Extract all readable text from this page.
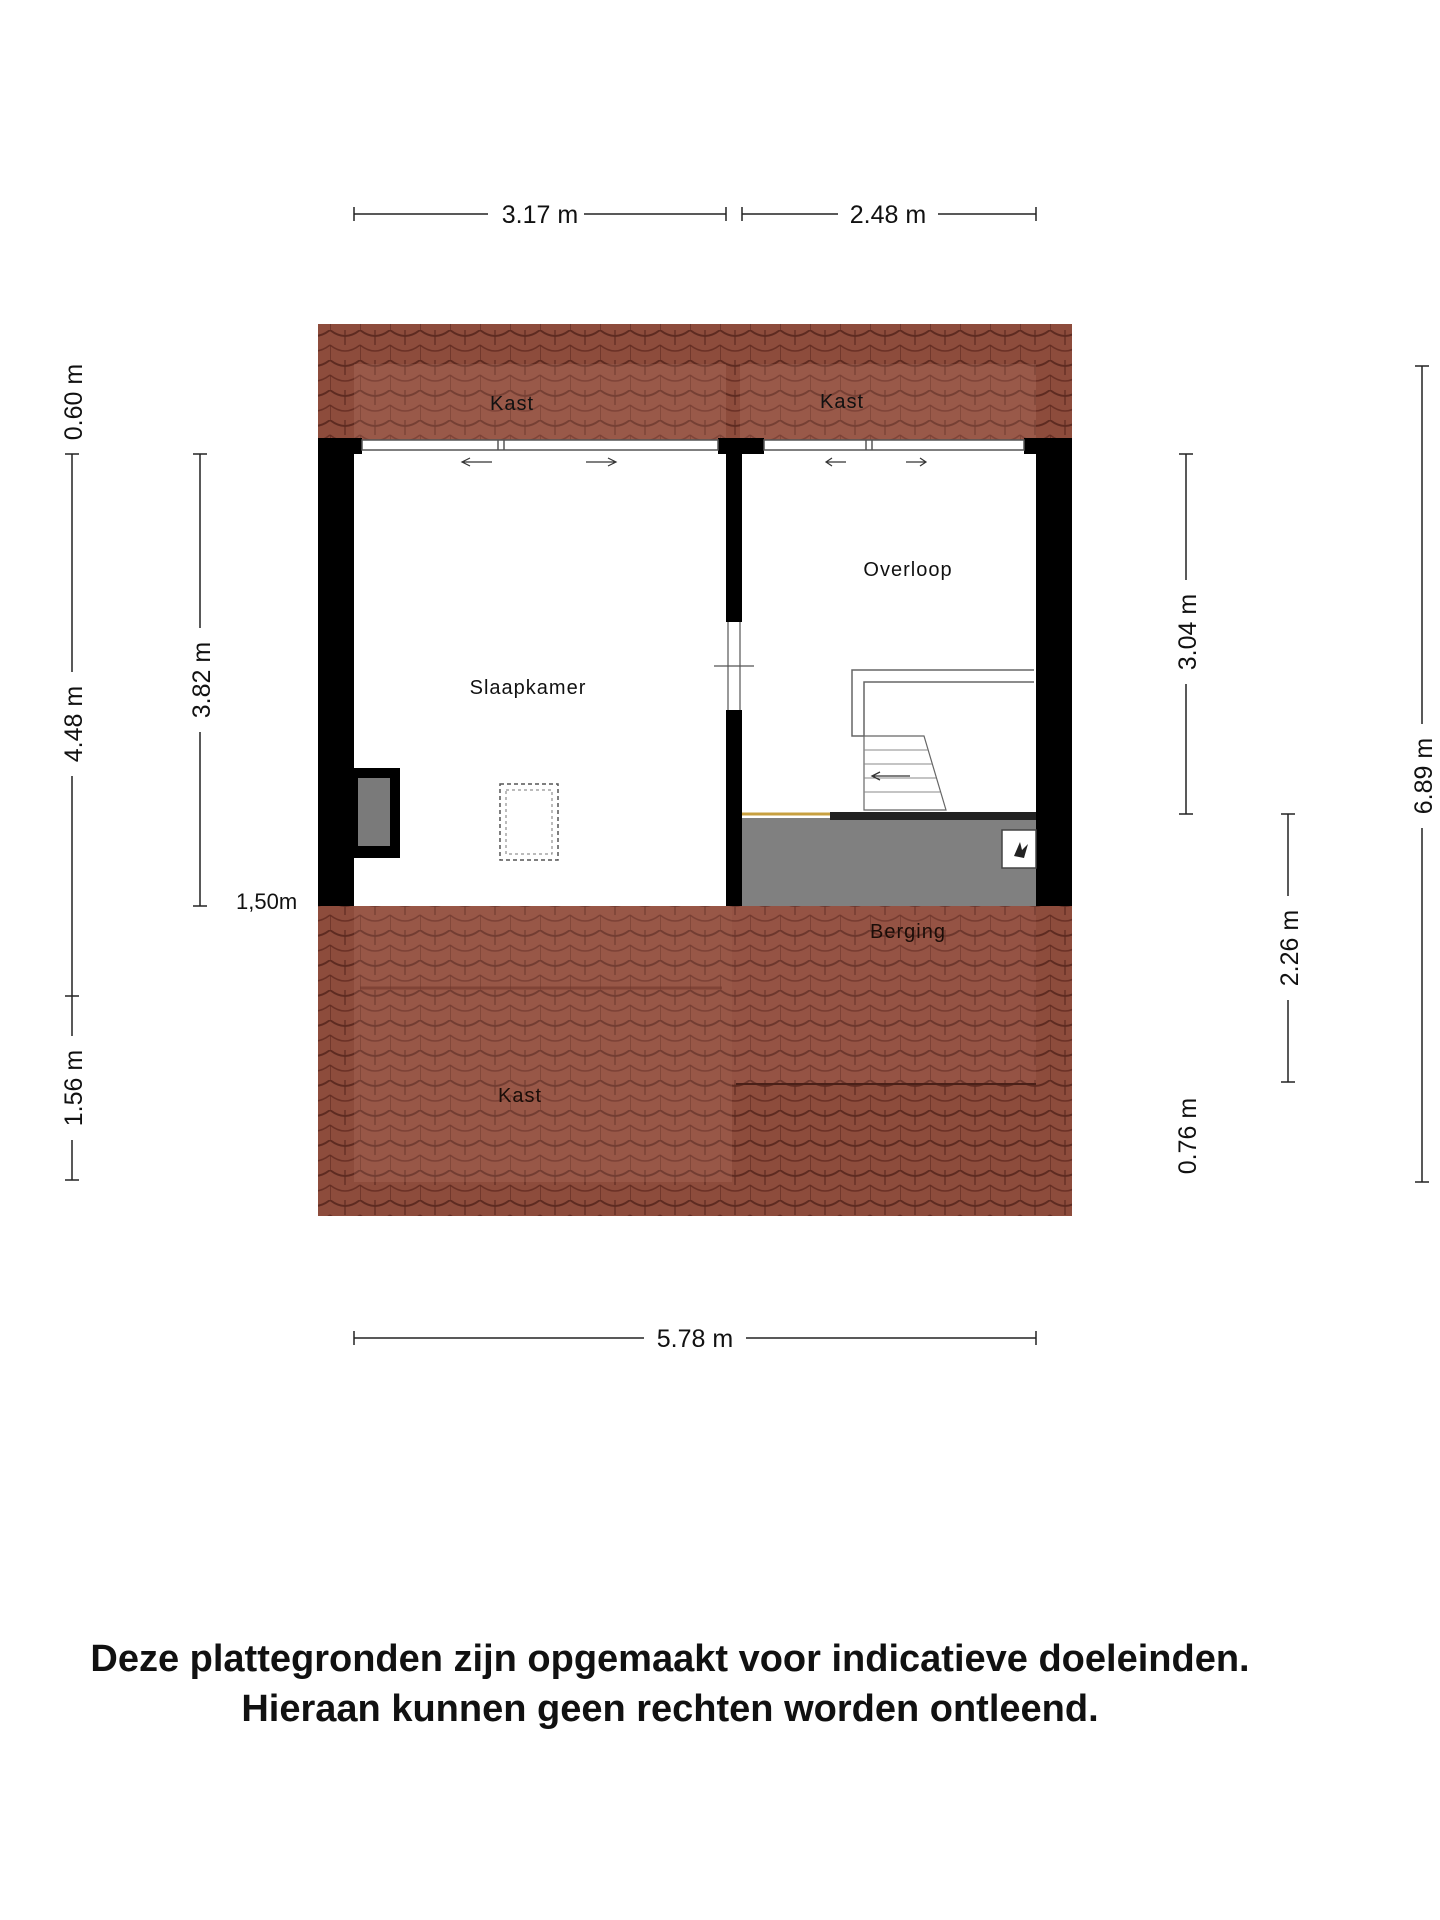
Kast	Kast
Slaapkamer
Overloop
Berging
Kast
3.17 m	2.48 m
5.78 m
0.60 m
4.48 m
1.56 m
3.82 m
1,50m
3.04 m
2.26 m
0.76 m
6.89 m
Deze plattegronden zijn opgemaakt voor indicatieve doeleinden.
Hieraan kunnen geen rechten worden ontleend.
